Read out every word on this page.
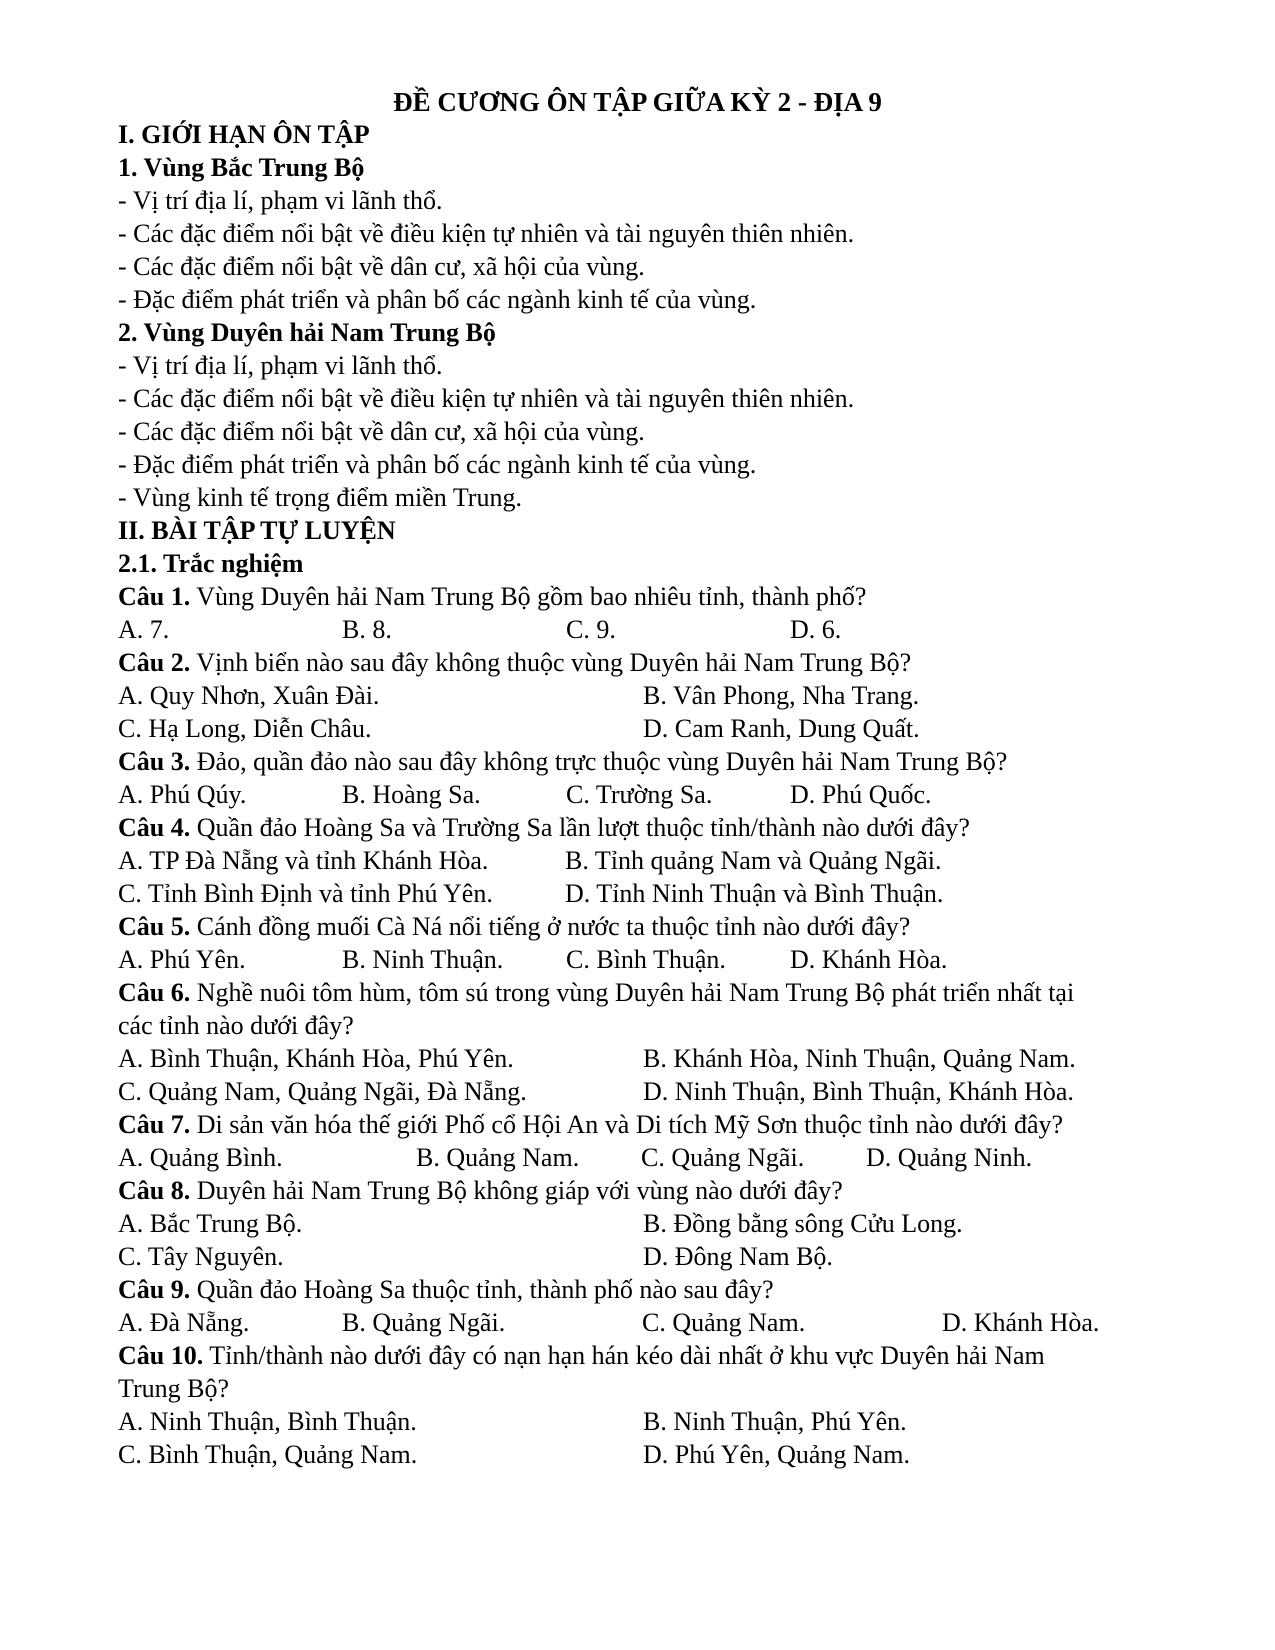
ĐỀ CƯƠNG ÔN TẬP GIỮA KỲ 2 - ĐỊA 9
I. GIỚI HẠN ÔN TẬP
1. Vùng Bắc Trung Bộ
- Vị trí địa lí, phạm vi lãnh thổ.
- Các đặc điểm nổi bật về điều kiện tự nhiên và tài nguyên thiên nhiên.
- Các đặc điểm nổi bật về dân cư, xã hội của vùng.
- Đặc điểm phát triển và phân bố các ngành kinh tế của vùng.
2. Vùng Duyên hải Nam Trung Bộ
- Vị trí địa lí, phạm vi lãnh thổ.
- Các đặc điểm nổi bật về điều kiện tự nhiên và tài nguyên thiên nhiên.
- Các đặc điểm nổi bật về dân cư, xã hội của vùng.
- Đặc điểm phát triển và phân bố các ngành kinh tế của vùng.
- Vùng kinh tế trọng điểm miền Trung.
II. BÀI TẬP TỰ LUYỆN
2.1. Trắc nghiệm
Câu 1. Vùng Duyên hải Nam Trung Bộ gồm bao nhiêu tỉnh, thành phố?
A. 7.	B. 8.	C. 9.	D. 6.
Câu 2. Vịnh biển nào sau đây không thuộc vùng Duyên hải Nam Trung Bộ?
A. Quy Nhơn, Xuân Đài.	B. Vân Phong, Nha Trang.
C. Hạ Long, Diễn Châu.	D. Cam Ranh, Dung Quất.
Câu 3. Đảo, quần đảo nào sau đây không trực thuộc vùng Duyên hải Nam Trung Bộ?
A. Phú Qúy.	B. Hoàng Sa.	C. Trường Sa.	D. Phú Quốc.
Câu 4. Quần đảo Hoàng Sa và Trường Sa lần lượt thuộc tỉnh/thành nào dưới đây?
A. TP Đà Nẵng và tỉnh Khánh Hòa.	B. Tỉnh quảng Nam và Quảng Ngãi.
C. Tỉnh Bình Định và tỉnh Phú Yên.	D. Tỉnh Ninh Thuận và Bình Thuận.
Câu 5. Cánh đồng muối Cà Ná nổi tiếng ở nước ta thuộc tỉnh nào dưới đây?
A. Phú Yên.	B. Ninh Thuận.	C. Bình Thuận.	D. Khánh Hòa.
Câu 6. Nghề nuôi tôm hùm, tôm sú trong vùng Duyên hải Nam Trung Bộ phát triển nhất tại
các tỉnh nào dưới đây?
A. Bình Thuận, Khánh Hòa, Phú Yên.	B. Khánh Hòa, Ninh Thuận, Quảng Nam.
C. Quảng Nam, Quảng Ngãi, Đà Nẵng.	D. Ninh Thuận, Bình Thuận, Khánh Hòa.
Câu 7. Di sản văn hóa thế giới Phố cổ Hội An và Di tích Mỹ Sơn thuộc tỉnh nào dưới đây?
A. Quảng Bình.	B. Quảng Nam.	C. Quảng Ngãi.	D. Quảng Ninh.
Câu 8. Duyên hải Nam Trung Bộ không giáp với vùng nào dưới đây?
A. Bắc Trung Bộ.	B. Đồng bằng sông Cửu Long.
C. Tây Nguyên.	D. Đông Nam Bộ.
Câu 9. Quần đảo Hoàng Sa thuộc tỉnh, thành phố nào sau đây?
A. Đà Nẵng.	B. Quảng Ngãi.	C. Quảng Nam.	D. Khánh Hòa.
Câu 10. Tỉnh/thành nào dưới đây có nạn hạn hán kéo dài nhất ở khu vực Duyên hải Nam
Trung Bộ?
A. Ninh Thuận, Bình Thuận.	B. Ninh Thuận, Phú Yên.
C. Bình Thuận, Quảng Nam.	D. Phú Yên, Quảng Nam.
